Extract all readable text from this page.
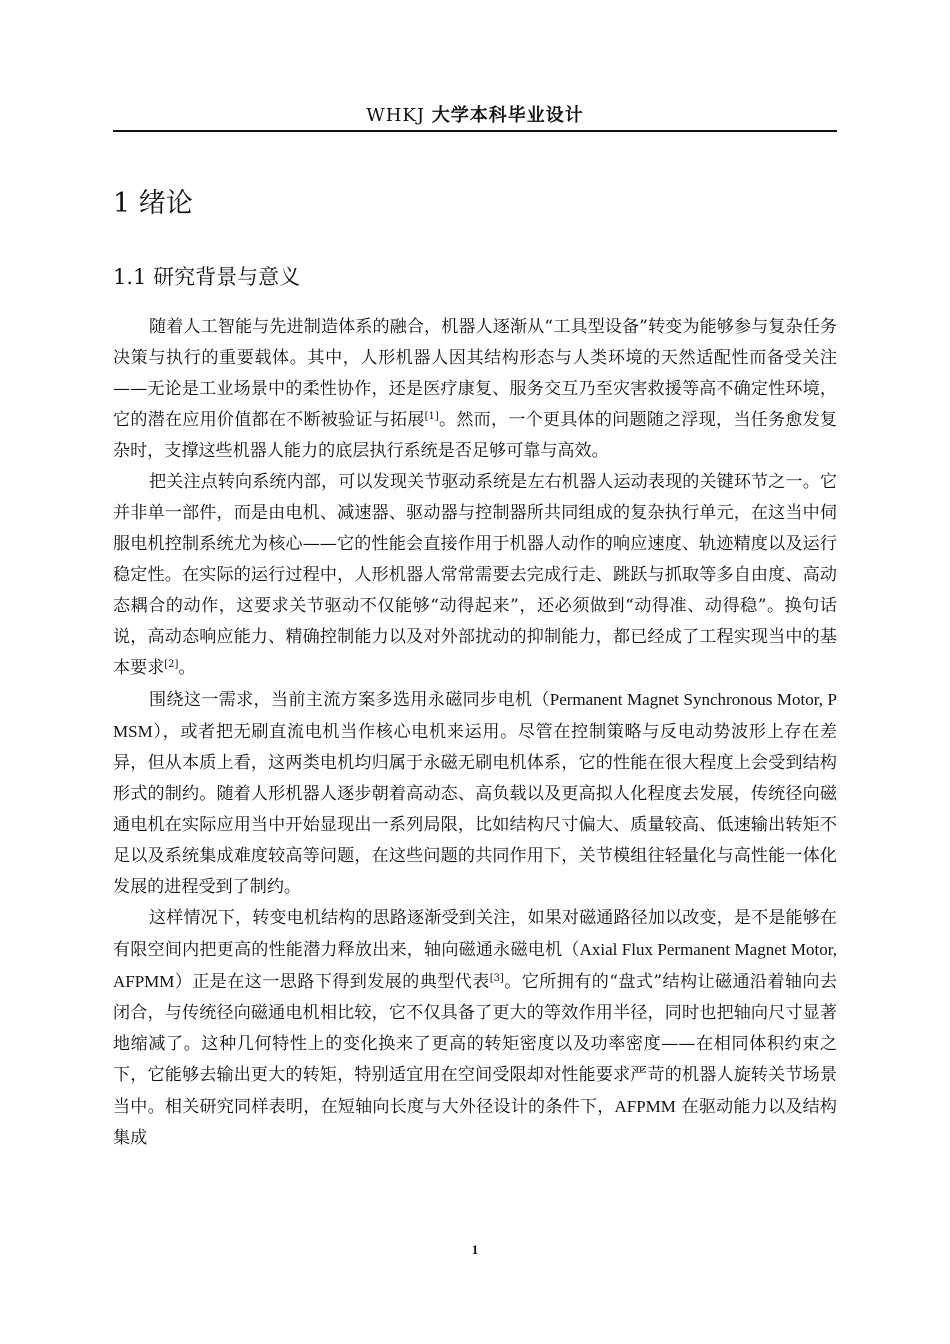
WHKJ 大学本科毕业设计
1 绪论
1.1 研究背景与意义

随着人工智能与先进制造体系的融合，机器人逐渐从“工具型设备”转变为能够参与复杂任务决策与执行的重要载体。其中，人形机器人因其结构形态与人类环境的天然适配性而备受关注——无论是工业场景中的柔性协作，还是医疗康复、服务交互乃至灾害救援等高不确定性环境，它的潜在应用价值都在不断被验证与拓展[1]。然而，一个更具体的问题随之浮现，当任务愈发复杂时，支撑这些机器人能力的底层执行系统是否足够可靠与高效。

把关注点转向系统内部，可以发现关节驱动系统是左右机器人运动表现的关键环节之一。它并非单一部件，而是由电机、减速器、驱动器与控制器所共同组成的复杂执行单元，在这当中伺服电机控制系统尤为核心——它的性能会直接作用于机器人动作的响应速度、轨迹精度以及运行稳定性。在实际的运行过程中，人形机器人常常需要去完成行走、跳跃与抓取等多自由度、高动态耦合的动作，这要求关节驱动不仅能够“动得起来”，还必须做到“动得准、动得稳”。换句话说，高动态响应能力、精确控制能力以及对外部扰动的抑制能力，都已经成了工程实现当中的基本要求[2]。

围绕这一需求，当前主流方案多选用永磁同步电机（Permanent Magnet Synchronous Motor, PMSM），或者把无刷直流电机当作核心电机来运用。尽管在控制策略与反电动势波形上存在差异，但从本质上看，这两类电机均归属于永磁无刷电机体系，它的性能在很大程度上会受到结构形式的制约。随着人形机器人逐步朝着高动态、高负载以及更高拟人化程度去发展，传统径向磁通电机在实际应用当中开始显现出一系列局限，比如结构尺寸偏大、质量较高、低速输出转矩不足以及系统集成难度较高等问题，在这些问题的共同作用下，关节模组往轻量化与高性能一体化发展的进程受到了制约。

这样情况下，转变电机结构的思路逐渐受到关注，如果对磁通路径加以改变，是不是能够在有限空间内把更高的性能潜力释放出来，轴向磁通永磁电机（Axial Flux Permanent Magnet Motor, AFPMM）正是在这一思路下得到发展的典型代表[3]。它所拥有的“盘式”结构让磁通沿着轴向去闭合，与传统径向磁通电机相比较，它不仅具备了更大的等效作用半径，同时也把轴向尺寸显著地缩减了。这种几何特性上的变化换来了更高的转矩密度以及功率密度——在相同体积约束之下，它能够去输出更大的转矩，特别适宜用在空间受限却对性能要求严苛的机器人旋转关节场景当中。相关研究同样表明，在短轴向长度与大外径设计的条件下，AFPMM 在驱动能力以及结构集成

1
